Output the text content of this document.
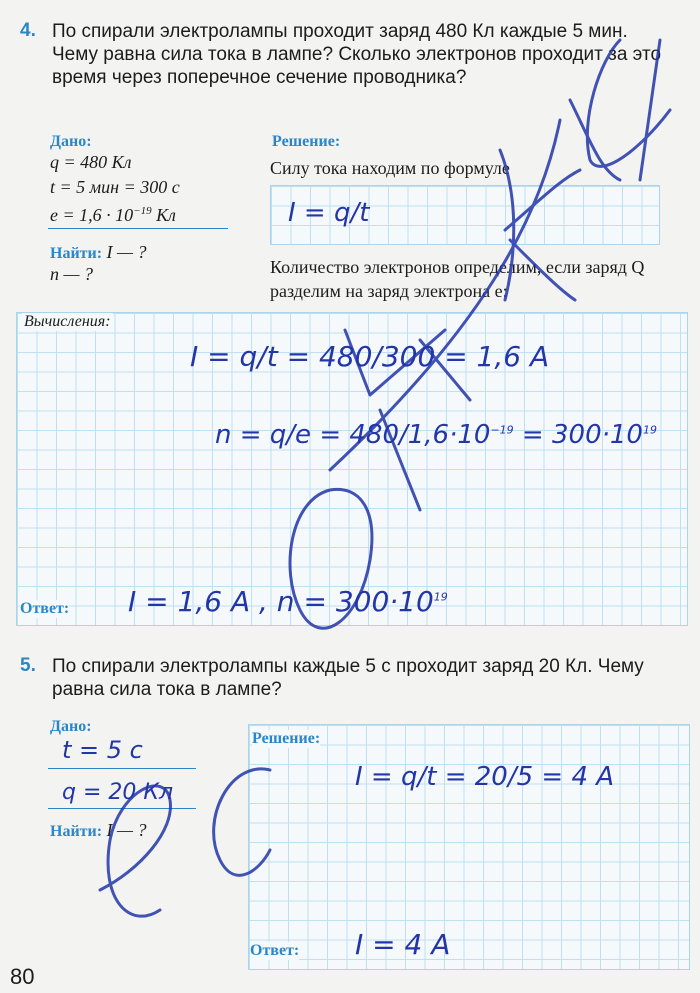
4. По спирали электролампы проходит заряд 480 Кл каждые 5 мин. Чему равна сила тока в лампе? Сколько электронов проходит за это время через поперечное сечение проводника?
Дано:
q = 480 Кл
t = 5 мин = 300 с
$e = 1,6 \cdot 10^{-19}$ Кл
Найти: I — ?
n — ?
Решение:
Силу тока находим по формуле
I = q/t
Количество электронов определим, если заряд Q разделим на заряд электрона e:
Вычисления:
I = q/t = 480/300 = 1,6 A
$n = q/e = 480/1,6\cdot 10^{-19} = 300\cdot 10^{19}$
Ответ: I = 1,6 A , $n = 300\cdot 10^{19}$
5. По спирали электролампы каждые 5 с проходит заряд 20 Кл. Чему равна сила тока в лампе?
Дано:
t = 5 c
q = 20 Кл
Найти: I — ?
Решение:
I = q/t = 20/5 = 4 A
Ответ: I = 4 A
80
